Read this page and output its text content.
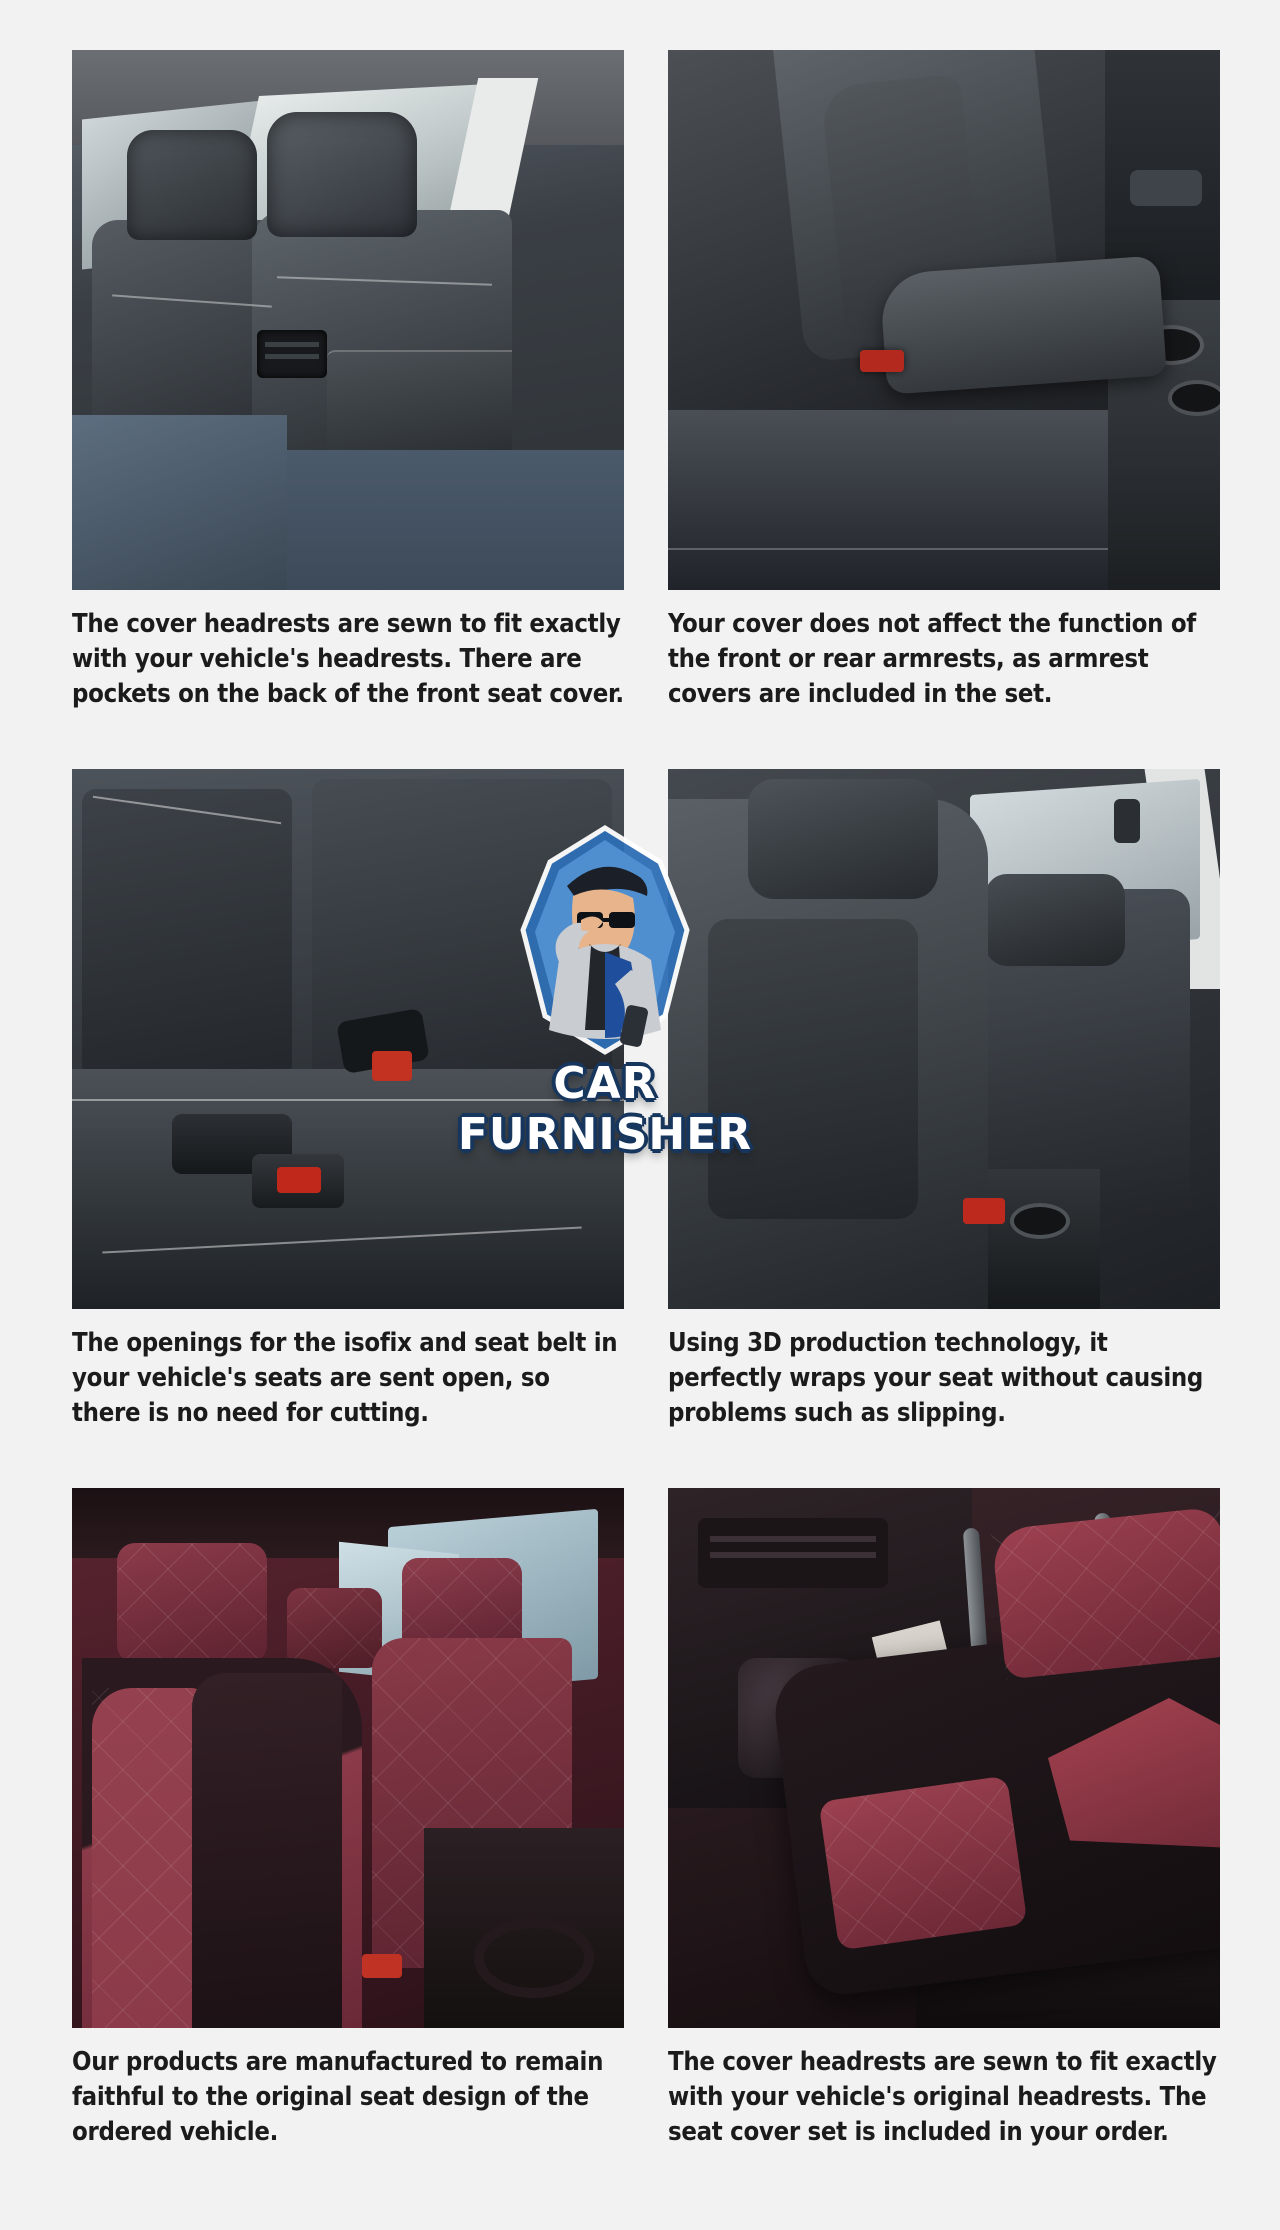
The cover headrests are sewn to fit exactly with your vehicle's headrests. There are pockets on the back of the front seat cover.
Your cover does not affect the function of the front or rear armrests, as armrest covers are included in the set.
The openings for the isofix and seat belt in your vehicle's seats are sent open, so there is no need for cutting.
Using 3D production technology, it perfectly wraps your seat without causing problems such as slipping.
Our products are manufactured to remain faithful to the original seat design of the ordered vehicle.
The cover headrests are sewn to fit exactly with your vehicle's original headrests. The seat cover set is included in your order.
CAR FURNISHER
